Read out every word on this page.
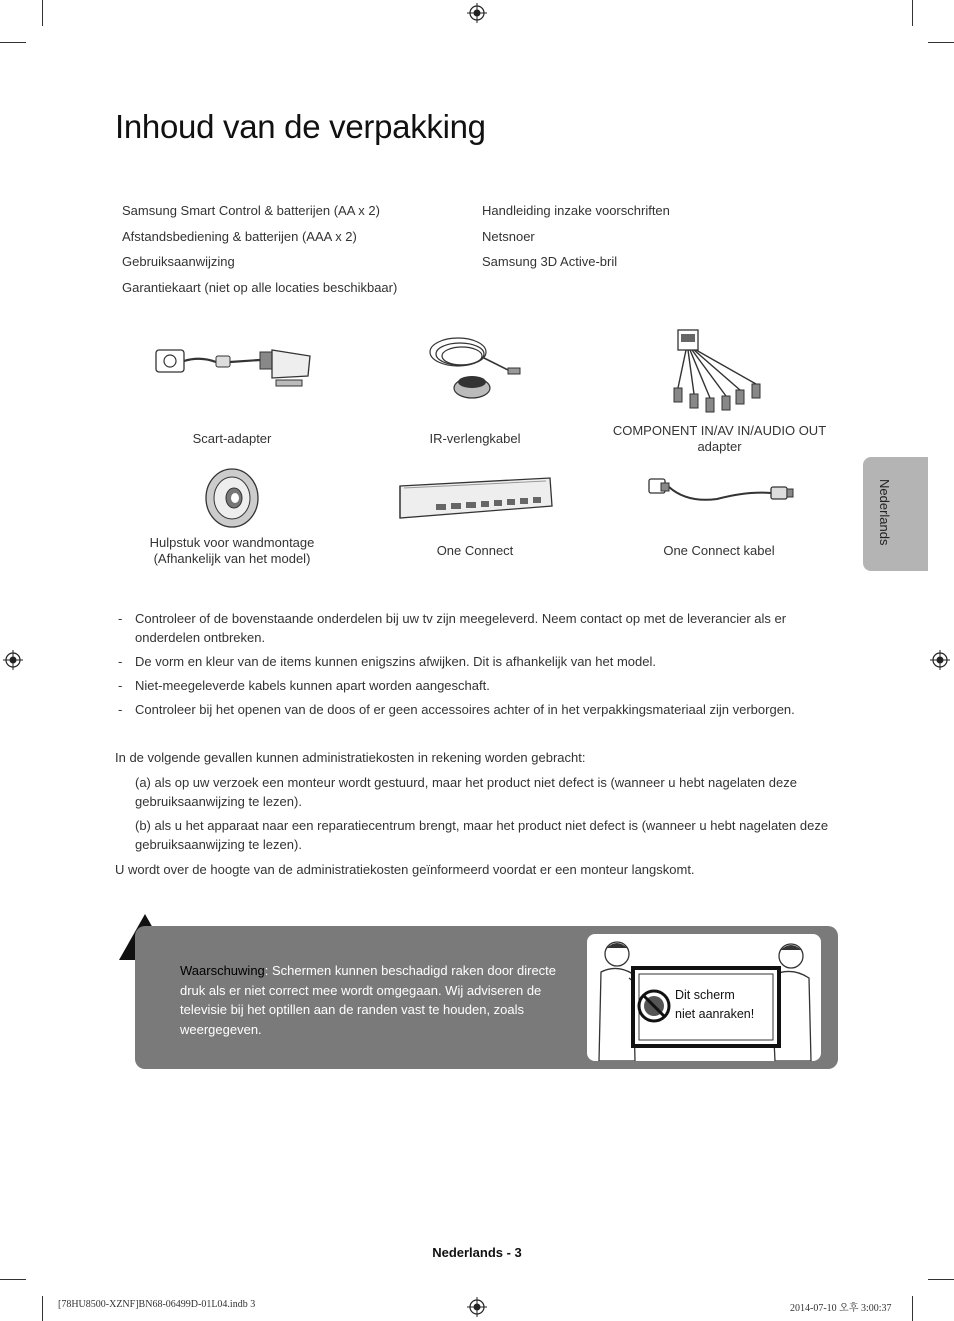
Inhoud van de verpakking
Samsung Smart Control & batterijen (AA x 2)
Afstandsbediening & batterijen (AAA x 2)
Gebruiksaanwijzing
Garantiekaart (niet op alle locaties beschikbaar)
Handleiding inzake voorschriften
Netsnoer
Samsung 3D Active-bril
Scart-adapter	IR-verlengkabel
COMPONENT IN/AV IN/AUDIO OUT adapter
Hulpstuk voor wandmontage (Afhankelijk van het model)
One Connect	One Connect kabel
- Controleer of de bovenstaande onderdelen bij uw tv zijn meegeleverd. Neem contact op met de leverancier als er onderdelen ontbreken.
- De vorm en kleur van de items kunnen enigszins afwijken. Dit is afhankelijk van het model.
- Niet-meegeleverde kabels kunnen apart worden aangeschaft.
- Controleer bij het openen van de doos of er geen accessoires achter of in het verpakkingsmateriaal zijn verborgen.
In de volgende gevallen kunnen administratiekosten in rekening worden gebracht:
(a) als op uw verzoek een monteur wordt gestuurd, maar het product niet defect is (wanneer u hebt nagelaten deze gebruiksaanwijzing te lezen).
(b) als u het apparaat naar een reparatiecentrum brengt, maar het product niet defect is (wanneer u hebt nagelaten deze gebruiksaanwijzing te lezen).
U wordt over de hoogte van de administratiekosten geïnformeerd voordat er een monteur langskomt.
Waarschuwing: Schermen kunnen beschadigd raken door directe druk als er niet correct mee wordt omgegaan. Wij adviseren de televisie bij het optillen aan de randen vast te houden, zoals weergegeven.
Dit scherm
niet aanraken!
Nederlands
Nederlands - 3
[78HU8500-XZNF]BN68-06499D-01L04.indb 3	2014-07-10 오후 3:00:37
